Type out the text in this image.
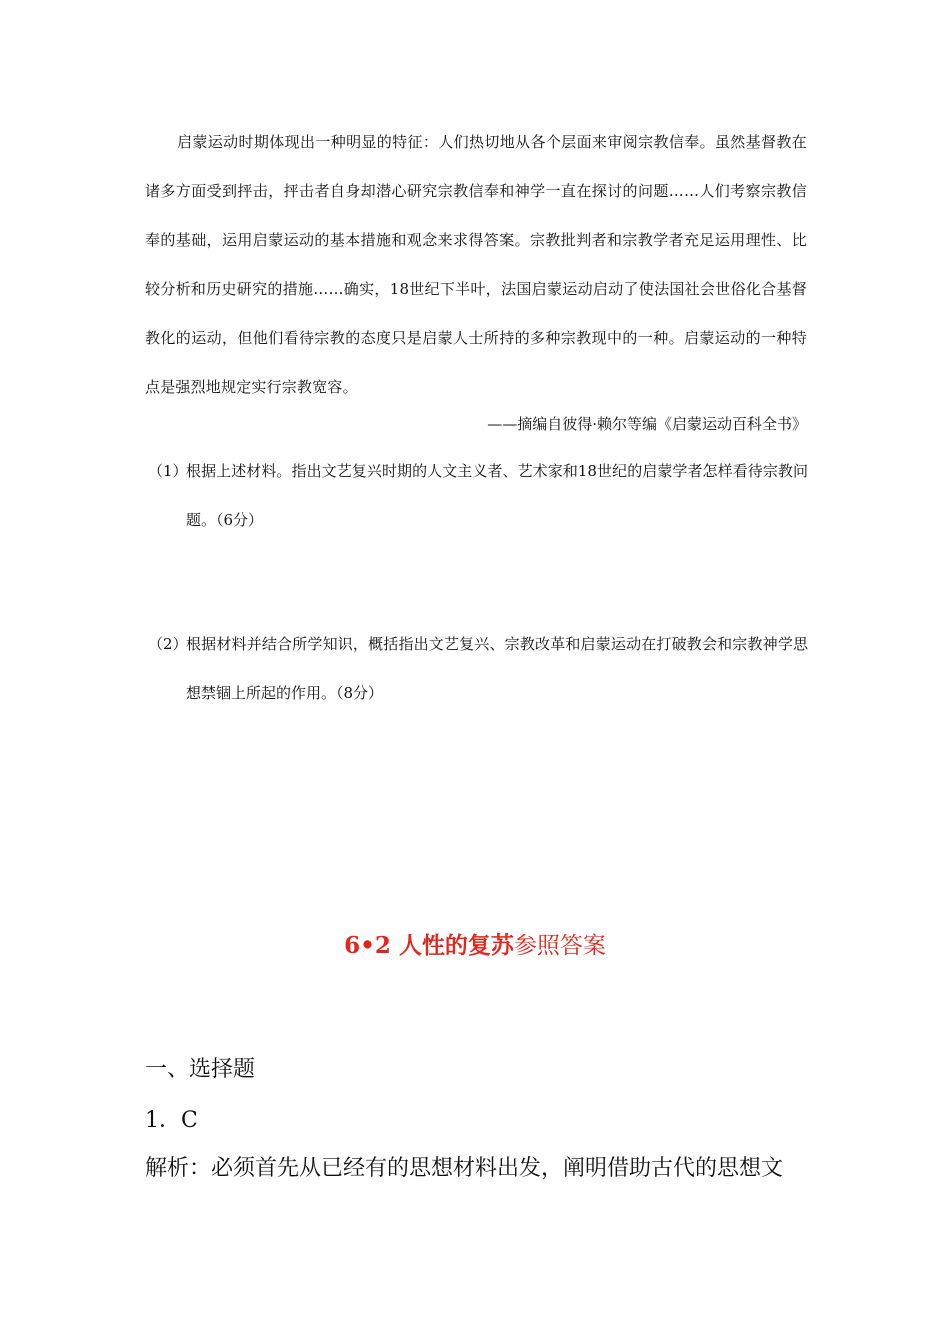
启蒙运动时期体现出一种明显的特征：人们热切地从各个层面来审阅宗教信奉。虽然基督教在诸多方面受到抨击，抨击者自身却潜心研究宗教信奉和神学一直在探讨的问题……人们考察宗教信奉的基础，运用启蒙运动的基本措施和观念来求得答案。宗教批判者和宗教学者充足运用理性、比较分析和历史研究的措施……确实，18世纪下半叶，法国启蒙运动启动了使法国社会世俗化合基督教化的运动，但他们看待宗教的态度只是启蒙人士所持的多种宗教现中的一种。启蒙运动的一种特点是强烈地规定实行宗教宽容。

——摘编自彼得·赖尔等编《启蒙运动百科全书》
（1）
根据上述材料。指出文艺复兴时期的人文主义者、艺术家和18世纪的启蒙学者怎样看待宗教问题。（6分）
（2）
根据材料并结合所学知识，概括指出文艺复兴、宗教改革和启蒙运动在打破教会和宗教神学思想禁锢上所起的作用。（8分）
6•2 人性的复苏参照答案
一、选择题
1．C
解析：必须首先从已经有的思想材料出发，阐明借助古代的思想文
